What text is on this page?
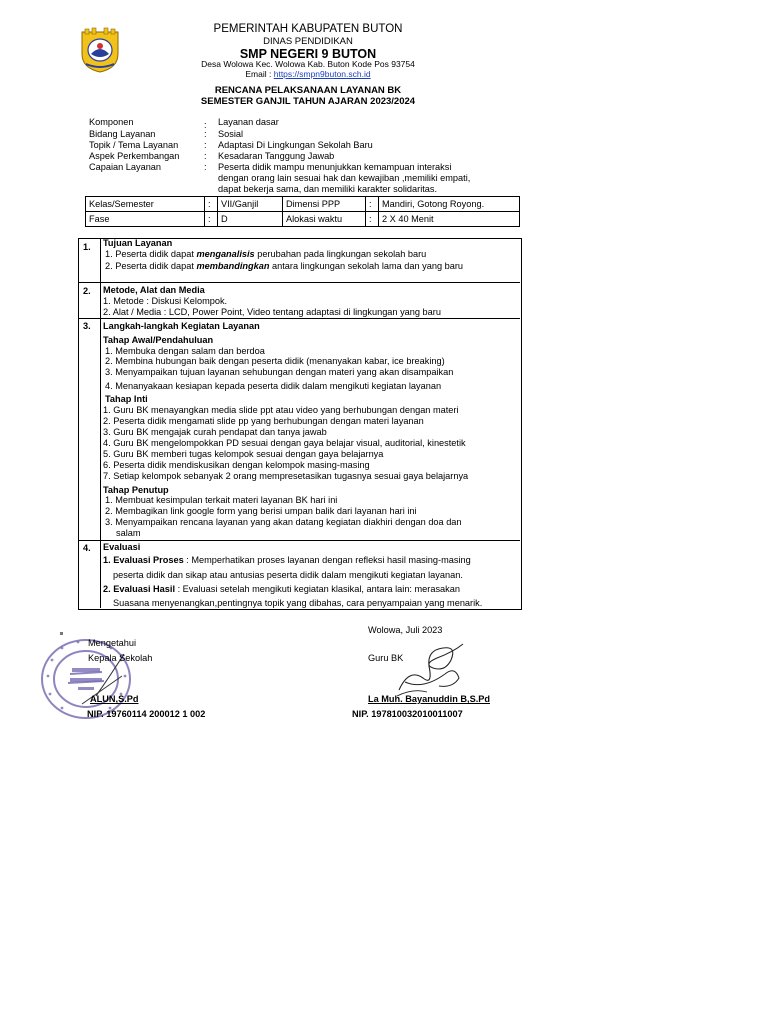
PEMERINTAH KABUPATEN BUTON
DINAS PENDIDIKAN
SMP NEGERI 9 BUTON
Desa Wolowa Kec. Wolowa Kab. Buton Kode Pos 93754
Email : https://smpn9buton.sch.id
RENCANA PELAKSANAAN LAYANAN BK
SEMESTER GANJIL TAHUN AJARAN 2023/2024
Komponen	: Layanan dasar
Bidang Layanan	: Sosial
Topik / Tema Layanan	: Adaptasi Di Lingkungan Sekolah Baru
Aspek Perkembangan	: Kesadaran Tanggung Jawab
Capaian Layanan	: Peserta didik mampu menunjukkan kemampuan interaksi
dengan orang lain sesuai hak dan kewajiban ,memiliki empati,
dapat bekerja sama, dan memiliki karakter solidaritas.
Kelas/Semester	:	VII/Ganjil	Dimensi PPP	:	Mandiri, Gotong Royong.
Fase	:	D	Alokasi waktu	:	2 X 40 Menit
1. Tujuan Layanan
1. Peserta didik dapat menganalisis perubahan pada lingkungan sekolah baru
2. Peserta didik dapat membandingkan antara lingkungan sekolah lama dan yang baru
2. Metode, Alat dan Media
1. Metode : Diskusi Kelompok.
2. Alat / Media : LCD, Power Point, Video tentang adaptasi di lingkungan yang baru
3. Langkah-langkah Kegiatan Layanan
Tahap Awal/Pendahuluan
1. Membuka dengan salam dan berdoa
2. Membina hubungan baik dengan peserta didik (menanyakan kabar, ice breaking)
3. Menyampaikan tujuan layanan sehubungan dengan materi yang akan disampaikan
4. Menanyakaan kesiapan kepada peserta didik dalam mengikuti kegiatan layanan
Tahap Inti
1. Guru BK menayangkan media slide ppt atau video yang berhubungan dengan materi
2. Peserta didik mengamati slide pp yang berhubungan dengan materi layanan
3. Guru BK mengajak curah pendapat dan tanya jawab
4. Guru BK mengelompokkan PD sesuai dengan gaya belajar visual, auditorial, kinestetik
5. Guru BK memberi tugas kelompok sesuai dengan gaya belajarnya
6. Peserta didik mendiskusikan dengan kelompok masing-masing
7. Setiap kelompok sebanyak 2 orang mempresetasikan tugasnya sesuai gaya belajarnya
Tahap Penutup
1. Membuat kesimpulan terkait materi layanan BK hari ini
2. Membagikan link google form yang berisi umpan balik dari layanan hari ini
3. Menyampaikan rencana layanan yang akan datang kegiatan diakhiri dengan doa dan
salam
4. Evaluasi
1. Evaluasi Proses : Memperhatikan proses layanan dengan refleksi hasil masing-masing
peserta didik dan sikap atau antusias peserta didik dalam mengikuti kegiatan layanan.
2. Evaluasi Hasil : Evaluasi setelah mengikuti kegiatan klasikal, antara lain: merasakan
Suasana menyenangkan,pentingnya topik yang dibahas, cara penyampaian yang menarik.
Wolowa, Juli 2023
Mengetahui
Kepala Sekolah
ALUN,S.Pd
NIP. 19760114 200012 1 002
Guru BK
La Muh. Bayanuddin B,S.Pd
NIP. 197810032010011007
